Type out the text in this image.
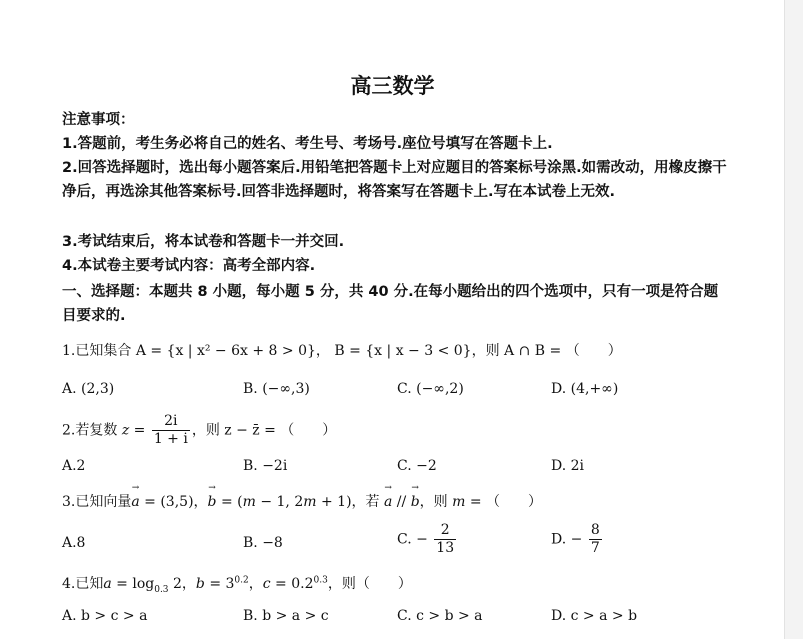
高三数学
注意事项：
1.答题前，考生务必将自己的姓名、考生号、考场号.座位号填写在答题卡上.
2.回答选择题时，选出每小题答案后.用铅笔把答题卡上对应题目的答案标号涂黑.如需改动，用橡皮擦干净后，再选涂其他答案标号.回答非选择题时，将答案写在答题卡上.写在本试卷上无效.
3.考试结束后，将本试卷和答题卡一并交回.
4.本试卷主要考试内容：高考全部内容.
一、选择题：本题共 8 小题，每小题 5 分，共 40 分.在每小题给出的四个选项中，只有一项是符合题目要求的.
1.已知集合 A = {x | x² − 6x + 8 > 0}， B = {x | x − 3 < 0}，则 A ∩ B = （　　）
A. (2,3)	B. (−∞,3)	C. (−∞,2)	D. (4,+∞)
2.若复数 $z = \frac{2i}{1 + i}$ ，则 z − z̄ = （　　）
A.2	B. −2i	C. −2	D. 2i
3.已知向量→ a = (3,5)，→ b = (m − 1, 2m + 1)，若 → a // → b，则 m = （　　）
A.8	B. −8	C. − $\frac{2}{13}$	D. − $\frac{8}{7}$
4.已知$a = \log_{0.3} 2$，$b = 3^{0.2}$，$c = 0.2^{0.3}$，则（　　）
A. b > c > a	B. b > a > c	C. c > b > a	D. c > a > b
